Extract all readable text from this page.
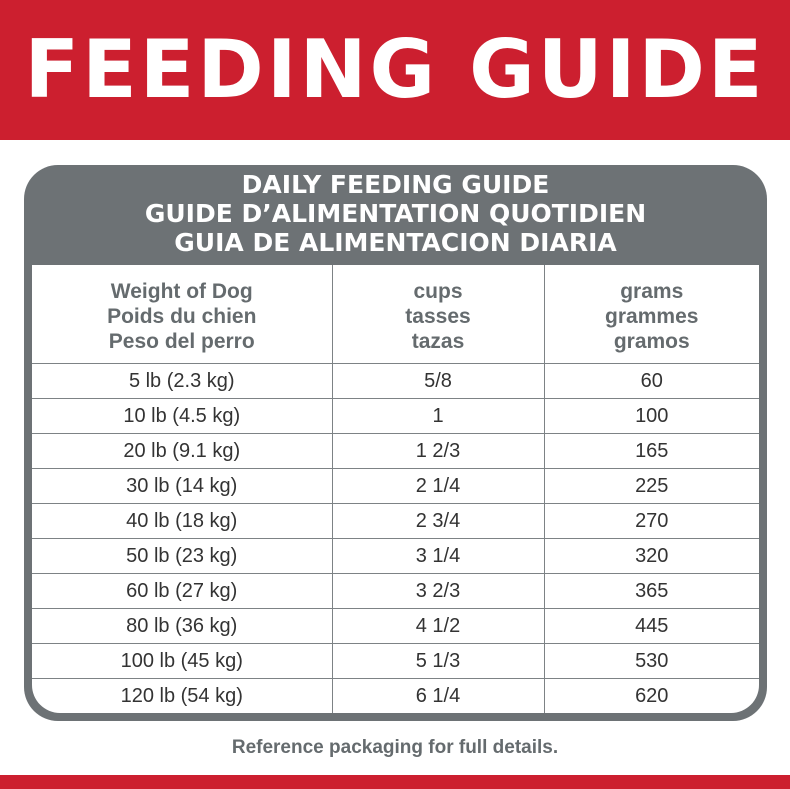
FEEDING GUIDE
DAILY FEEDING GUIDE
GUIDE D’ALIMENTATION QUOTIDIEN
GUIA DE ALIMENTACION DIARIA
Weight of Dog
Poids du chien
Peso del perro	cups
tasses
tazas	grams
grammes
gramos

5 lb (2.3 kg)	5/8	60
10 lb (4.5 kg)	1	100
20 lb (9.1 kg)	1 2/3	165
30 lb (14 kg)	2 1/4	225
40 lb (18 kg)	2 3/4	270
50 lb (23 kg)	3 1/4	320
60 lb (27 kg)	3 2/3	365
80 lb (36 kg)	4 1/2	445
100 lb (45 kg)	5 1/3	530
120 lb (54 kg)	6 1/4	620
Reference packaging for full details.
